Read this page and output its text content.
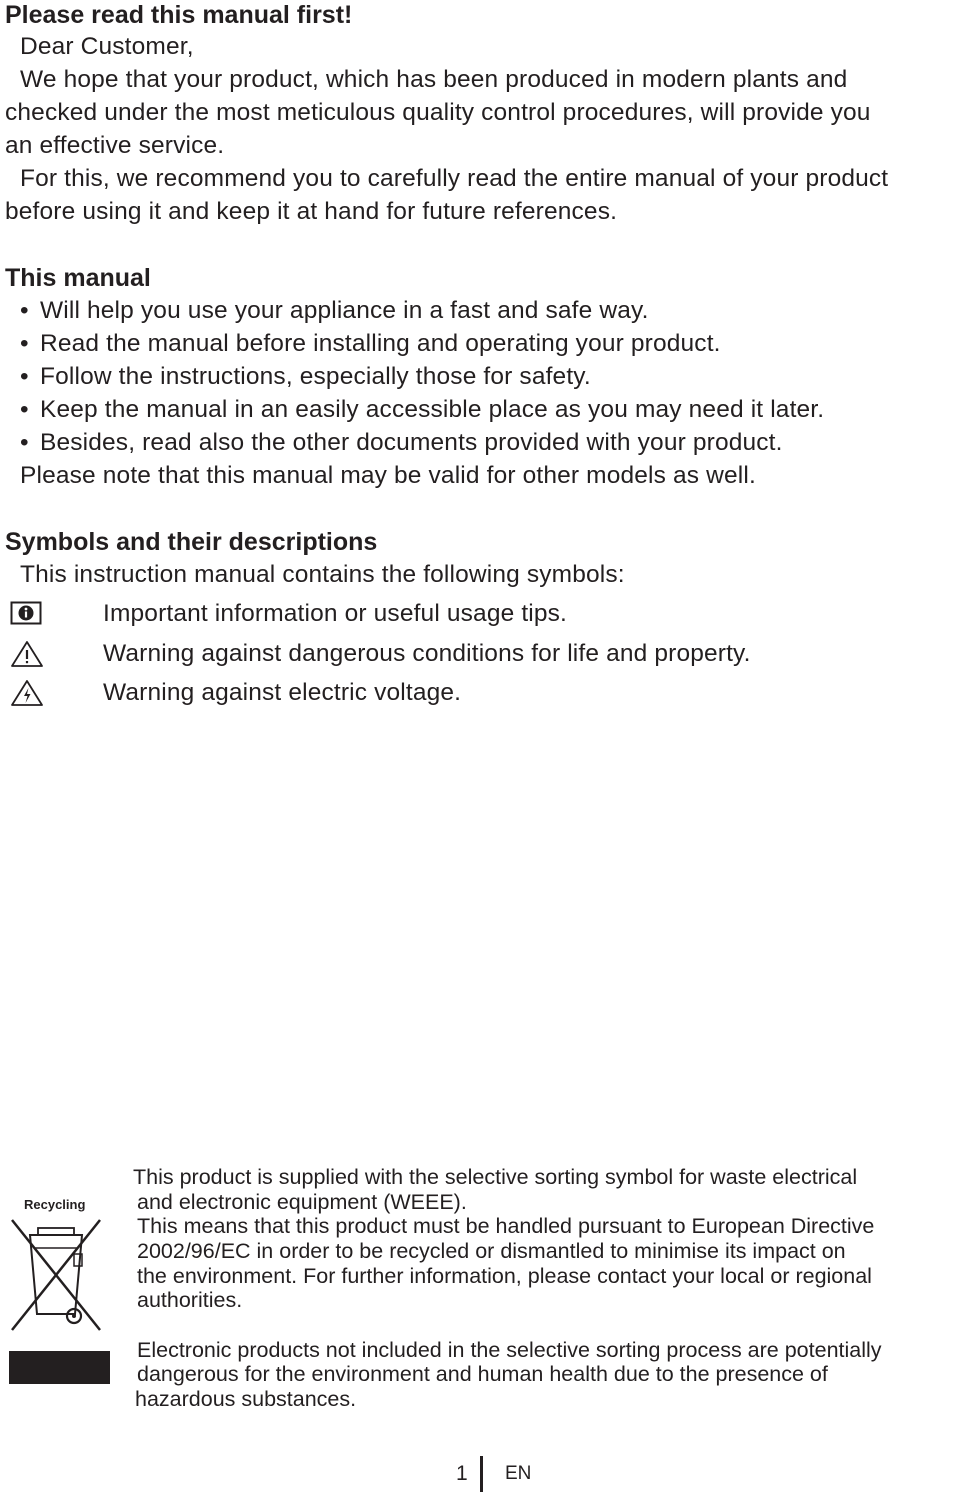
Please read this manual first!
Dear Customer,
We hope that your product, which has been produced in modern plants and
checked under the most meticulous quality control procedures, will provide you
an effective service.
For this, we recommend you to carefully read the entire manual of your product
before using it and keep it at hand for future references.
This manual
• Will help you use your appliance in a fast and safe way.
• Read the manual before installing and operating your product.
• Follow the instructions, especially those for safety.
• Keep the manual in an easily accessible place as you may need it later.
• Besides, read also the other documents provided with your product.
Please note that this manual may be valid for other models as well.
Symbols and their descriptions
This instruction manual contains the following symbols:
Important information or useful usage tips.
Warning against dangerous conditions for life and property.
Warning against electric voltage.
Recycling
This product is supplied with the selective sorting symbol for waste electrical
and electronic equipment (WEEE).
This means that this product must be handled pursuant to European Directive
2002/96/EC in order to be recycled or dismantled to minimise its impact on
the environment. For further information, please contact your local or regional
authorities.
Electronic products not included in the selective sorting process are potentially
dangerous for the environment and human health due to the presence of
hazardous substances.
1 EN
